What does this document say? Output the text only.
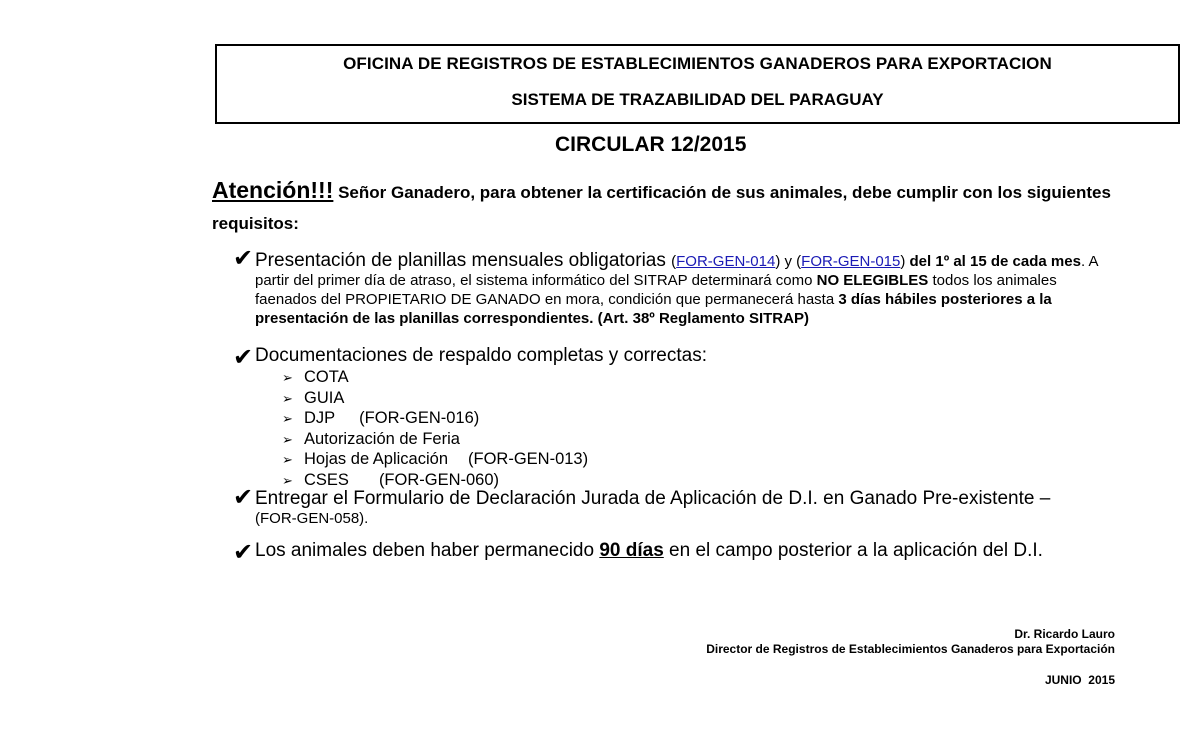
OFICINA DE REGISTROS DE ESTABLECIMIENTOS GANADEROS PARA EXPORTACION
SISTEMA DE TRAZABILIDAD DEL PARAGUAY
CIRCULAR 12/2015
Atención!!! Señor Ganadero, para obtener la certificación de sus animales, debe cumplir con los siguientes requisitos:
✔ Presentación de planillas mensuales obligatorias (FOR-GEN-014) y (FOR-GEN-015) del 1º al 15 de cada mes. A partir del primer día de atraso, el sistema informático del SITRAP determinará como NO ELEGIBLES todos los animales faenados del PROPIETARIO DE GANADO en mora, condición que permanecerá hasta 3 días hábiles posteriores a la presentación de las planillas correspondientes. (Art. 38º Reglamento SITRAP)
✔ Documentaciones de respaldo completas y correctas:
➢ COTA
➢ GUIA
➢ DJP (FOR-GEN-016)
➢ Autorización de Feria
➢ Hojas de Aplicación (FOR-GEN-013)
➢ CSES (FOR-GEN-060)
✔ Entregar el Formulario de Declaración Jurada de Aplicación de D.I. en Ganado Pre-existente –
(FOR-GEN-058).
✔ Los animales deben haber permanecido 90 días en el campo posterior a la aplicación del D.I.
Dr. Ricardo Lauro
Director de Registros de Establecimientos Ganaderos para Exportación
JUNIO  2015
